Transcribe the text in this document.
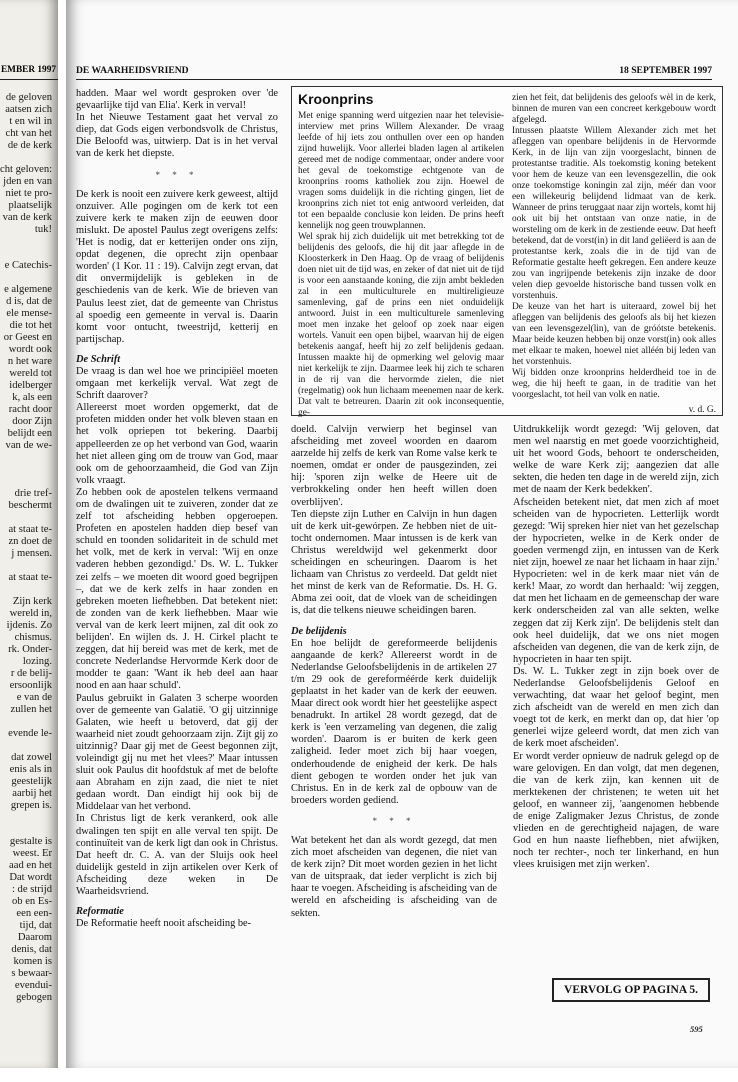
EMBER 1997
de geloven
aatsen zich
t en wil in
cht van het
de de kerk
cht geloven:
jden en van
niet te pro-
plaatselijk
van de kerk
tuk!
e Catechis-
e algemene
d is, dat de
ele mense-
die tot het
or Geest en
wordt ook
n het ware
wereld tot
idelberger
k, als een
racht door
door Zijn
belijdt een
van de we-
drie tref-
beschermt
at staat te-
zn doet de
j mensen.
at staat te-
Zijn kerk
wereld in,
ijdenis. Zo
chismus.
rk. Onder-
lozing.
r de belij-
ersoonlijk
e van de
zullen het
evende le-
dat zowel
enis als in
geestelijk
aarbij het
grepen is.
gestalte is
weest. Er
aad en het
Dat wordt
: de strijd
ob en Es-
een een-
tijd, dat
Daarom
denis, dat
komen is
s bewaar-
evendui-
gebogen
DE WAARHEIDSVRIEND	18 SEPTEMBER 1997

hadden. Maar wel wordt gesproken over 'de gevaarlijke tijd van Elia'. Kerk in verval!

In het Nieuwe Testament gaat het verval zo diep, dat Gods eigen verbondsvolk de Christus, Die Beloofd was, uitwierp. Dat is in het verval van de kerk het diepste.

* * *

De kerk is nooit een zuivere kerk geweest, altijd onzuiver. Alle pogingen om de kerk tot een zuivere kerk te maken zijn de eeuwen door mislukt. De apostel Paulus zegt overigens zelfs: 'Het is nodig, dat er ketterijen onder ons zijn, opdat degenen, die oprecht zijn openbaar worden' (1 Kor. 11 : 19). Calvijn zegt ervan, dat dit onvermijdelijk is gebleken in de geschiedenis van de kerk. Wie de brieven van Paulus leest ziet, dat de gemeente van Christus al spoedig een gemeente in verval is. Daarin komt voor ontucht, tweestrijd, ketterij en partijschap.

De Schrift

De vraag is dan wel hoe we principiëel moeten omgaan met kerkelijk verval. Wat zegt de Schrift daarover?

Allereerst moet worden opgemerkt, dat de profeten midden onder het volk bleven staan en het volk opriepen tot bekering. Daarbij appelleerden ze op het verbond van God, waarin het niet alleen ging om de trouw van God, maar ook om de gehoorzaamheid, die God van Zijn volk vraagt.

Zo hebben ook de apostelen telkens vermaand om de dwalingen uit te zuiveren, zonder dat ze zelf tot afscheiding hebben opgeroepen. Profeten en apostelen hadden diep besef van schuld en toonden solidariteit in de schuld met het volk, met de kerk in verval: 'Wij en onze vaderen hebben gezondigd.' Ds. W. L. Tukker zei zelfs – we moeten dit woord goed begrijpen –, dat we de kerk zelfs in haar zonden en gebreken moeten liefhebben. Dat betekent niet: de zonden van de kerk liefhebben. Maar wie verval van de kerk leert mijnen, zal dit ook zo belijden'. En wijlen ds. J. H. Cirkel placht te zeggen, dat hij bereid was met de kerk, met de concrete Nederlandse Hervormde Kerk door de modder te gaan: 'Want ik heb deel aan haar nood en aan haar schuld'.

Paulus gebruikt in Galaten 3 scherpe woorden over de gemeente van Galatië. 'O gij uitzinnige Galaten, wie heeft u betoverd, dat gij der waarheid niet zoudt gehoorzaam zijn. Zijt gij zo uitzinnig? Daar gij met de Geest begonnen zijt, voleindigt gij nu met het vlees?' Maar intussen sluit ook Paulus dit hoofdstuk af met de belofte aan Abraham en zijn zaad, die niet te niet gedaan wordt. Dan eindigt hij ook bij de Middelaar van het verbond.

In Christus ligt de kerk verankerd, ook alle dwalingen ten spijt en alle verval ten spijt. De continuïteit van de kerk ligt dan ook in Christus. Dat heeft dr. C. A. van der Sluijs ook heel duidelijk gesteld in zijn artikelen over Kerk of Afscheiding deze weken in De Waarheidsvriend.

Reformatie

De Reformatie heeft nooit afscheiding be-

Kroonprins

Met enige spanning werd uitgezien naar het televisie-interview met prins Willem Alexander. De vraag leefde of hij iets zou onthullen over een op handen zijnd huwelijk. Voor allerlei bladen lagen al artikelen gereed met de nodige commentaar, onder andere voor het geval de toekomstige echtgenote van de kroonprins rooms katholiek zou zijn. Hoewel de vragen soms duidelijk in die richting gingen, liet de kroonprins zich niet tot enig antwoord verleiden, dat tot een bepaalde conclusie kon leiden. De prins heeft kennelijk nog geen trouwplannen.

Wel sprak hij zich duidelijk uit met betrekking tot de belijdenis des geloofs, die hij dit jaar aflegde in de Kloosterkerk in Den Haag. Op de vraag of belijdenis doen niet uit de tijd was, en zeker of dat niet uit de tijd is voor een aanstaande koning, die zijn ambt bekleden zal in een multiculturele en multireligieuze samenleving, gaf de prins een niet onduidelijk antwoord. Juist in een multiculturele samenleving moet men inzake het geloof op zoek naar eigen wortels. Vanuit een open bijbel, waarvan hij de eigen betekenis aangaf, heeft hij zo zelf belijdenis gedaan. Intussen maakte hij de opmerking wel gelovig maar niet kerkelijk te zijn. Daarmee leek hij zich te scharen in de rij van die hervormde zielen, die niet (regelmatig) ook hun lichaam meenemen naar de kerk. Dat valt te betreuren. Daarin zit ook inconsequentie, ge-

zien het feit, dat belijdenis des geloofs wèl in de kerk, binnen de muren van een concreet kerkgebouw wordt afgelegd.

Intussen plaatste Willem Alexander zich met het afleggen van openbare belijdenis in de Hervormde Kerk, in de lijn van zijn voorgeslacht, binnen de protestantse traditie. Als toekomstig koning betekent voor hem de keuze van een levensgezellin, die ook onze toekomstige koningin zal zijn, méér dan voor een willekeurig belijdend lidmaat van de kerk. Wanneer de prins teruggaat naar zijn wortels, komt hij ook uit bij het ontstaan van onze natie, in de worsteling om de kerk in de zestiende eeuw. Dat heeft betekend, dat de vorst(in) in dit land geliëerd is aan de protestantse kerk, zoals die in de tijd van de Reformatie gestalte heeft gekregen. Een andere keuze zou van ingrijpende betekenis zijn inzake de door velen diep gevoelde historische band tussen volk en vorstenhuis.

De keuze van het hart is uiteraard, zowel bij het afleggen van belijdenis des geloofs als bij het kiezen van een levensgezel(lin), van de gróótste betekenis. Maar beide keuzen hebben bij onze vorst(in) ook alles met elkaar te maken, hoewel niet alléén bij leden van het vorstenhuis.

Wij bidden onze kroonprins helderdheid toe in de weg, die hij heeft te gaan, in de traditie van het voorgeslacht, tot heil van volk en natie.

v. d. G.

doeld. Calvijn verwierp het beginsel van afscheiding met zoveel woorden en daarom aarzelde hij zelfs de kerk van Rome valse kerk te noemen, omdat er onder de pausgezinden, zei hij: 'sporen zijn welke de Heere uit de verbrokkeling onder hen heeft willen doen overblijven'.

Ten diepste zijn Luther en Calvijn in hun dagen uit de kerk uit-gewórpen. Ze hebben niet de uit-tocht ondernomen. Maar intussen is de kerk van Christus wereldwijd wel gekenmerkt door scheidingen en scheuringen. Daarom is het lichaam van Christus zo verdeeld. Dat geldt niet het minst de kerk van de Reformatie. Ds. H. G. Abma zei ooit, dat de vloek van de scheidingen is, dat die telkens nieuwe scheidingen baren.

De belijdenis

En hoe belijdt de gereformeerde belijdenis aangaande de kerk? Allereerst wordt in de Nederlandse Geloofsbelijdenis in de artikelen 27 t/m 29 ook de gereforméérde kerk duidelijk geplaatst in het kader van de kerk der eeuwen. Maar direct ook wordt hier het geestelijke aspect benadrukt. In artikel 28 wordt gezegd, dat de kerk is 'een verzameling van degenen, die zalig worden'. Daarom is er buiten de kerk geen zaligheid. Ieder moet zich bij haar voegen, onderhoudende de enigheid der kerk. De hals dient gebogen te worden onder het juk van Christus. En in de kerk zal de opbouw van de broeders worden gediend.

* * *

Wat betekent het dan als wordt gezegd, dat men zich moet afscheiden van degenen, die niet van de kerk zijn? Dit moet worden gezien in het licht van de uitspraak, dat ieder verplicht is zich bij haar te voegen. Afscheiding is afscheiding van de wereld en afscheiding is afscheiding van de sekten.

Uitdrukkelijk wordt gezegd: 'Wij geloven, dat men wel naarstig en met goede voorzichtigheid, uit het woord Gods, behoort te onderscheiden, welke de ware Kerk zij; aangezien dat alle sekten, die heden ten dage in de wereld zijn, zich met de naam der Kerk bedekken'.

Afscheiden betekent niet, dat men zich af moet scheiden van de hypocrieten. Letterlijk wordt gezegd: 'Wij spreken hier niet van het gezelschap der hypocrieten, welke in de Kerk onder de goeden vermengd zijn, en intussen van de Kerk niet zijn, hoewel ze naar het lichaam in haar zijn.' Hypocrieten: wel in de kerk maar niet ván de kerk! Maar, zo wordt dan herhaald: 'wij zeggen, dat men het lichaam en de gemeenschap der ware kerk onderscheiden zal van alle sekten, welke zeggen dat zij Kerk zijn'. De belijdenis stelt dan ook heel duidelijk, dat we ons niet mogen afscheiden van degenen, die van de kerk zijn, de hypocrieten in haar ten spijt.

Ds. W. L. Tukker zegt in zijn boek over de Nederlandse Geloofsbelijdenis Geloof en verwachting, dat waar het geloof begint, men zich afscheidt van de wereld en men zich dan voegt tot de kerk, en merkt dan op, dat hier 'op generlei wijze geleerd wordt, dat men zich van de kerk moet afscheiden'.

Er wordt verder opnieuw de nadruk gelegd op de ware gelovigen. En dan volgt, dat men degenen, die van de kerk zijn, kan kennen uit de merktekenen der christenen; te weten uit het geloof, en wanneer zij, 'aangenomen hebbende de enige Zaligmaker Jezus Christus, de zonde vlieden en de gerechtigheid najagen, de ware God en hun naaste liefhebben, niet afwijken, noch ter rechter-, noch ter linkerhand, en hun vlees kruisigen met zijn werken'.

VERVOLG OP PAGINA 5.
595
